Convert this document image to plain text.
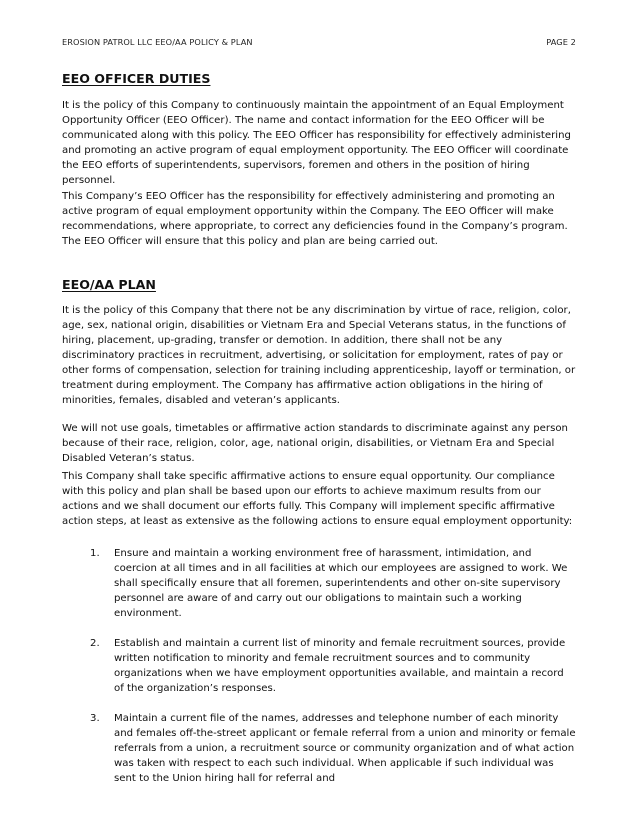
EROSION PATROL LLC EEO/AA POLICY & PLAN	PAGE 2
EEO OFFICER DUTIES

It is the policy of this Company to continuously maintain the appointment of an Equal Employment Opportunity Officer (EEO Officer). The name and contact information for the EEO Officer will be communicated along with this policy. The EEO Officer has responsibility for effectively administering and promoting an active program of equal employment opportunity. The EEO Officer will coordinate the EEO efforts of superintendents, supervisors, foremen and others in the position of hiring personnel.

This Company’s EEO Officer has the responsibility for effectively administering and promoting an active program of equal employment opportunity within the Company. The EEO Officer will make recommendations, where appropriate, to correct any deficiencies found in the Company’s program. The EEO Officer will ensure that this policy and plan are being carried out.

EEO/AA PLAN

It is the policy of this Company that there not be any discrimination by virtue of race, religion, color, age, sex, national origin, disabilities or Vietnam Era and Special Veterans status, in the functions of hiring, placement, up-grading, transfer or demotion. In addition, there shall not be any discriminatory practices in recruitment, advertising, or solicitation for employment, rates of pay or other forms of compensation, selection for training including apprenticeship, layoff or termination, or treatment during employment. The Company has affirmative action obligations in the hiring of minorities, females, disabled and veteran’s applicants.

We will not use goals, timetables or affirmative action standards to discriminate against any person because of their race, religion, color, age, national origin, disabilities, or Vietnam Era and Special Disabled Veteran’s status.

This Company shall take specific affirmative actions to ensure equal opportunity. Our compliance with this policy and plan shall be based upon our efforts to achieve maximum results from our actions and we shall document our efforts fully. This Company will implement specific affirmative action steps, at least as extensive as the following actions to ensure equal employment opportunity:

1. Ensure and maintain a working environment free of harassment, intimidation, and coercion at all times and in all facilities at which our employees are assigned to work. We shall specifically ensure that all foremen, superintendents and other on-site supervisory personnel are aware of and carry out our obligations to maintain such a working environment.
2. Establish and maintain a current list of minority and female recruitment sources, provide written notification to minority and female recruitment sources and to community organizations when we have employment opportunities available, and maintain a record of the organization’s responses.
3. Maintain a current file of the names, addresses and telephone number of each minority and females off-the-street applicant or female referral from a union and minority or female referrals from a union, a recruitment source or community organization and of what action was taken with respect to each such individual. When applicable if such individual was sent to the Union hiring hall for referral and
